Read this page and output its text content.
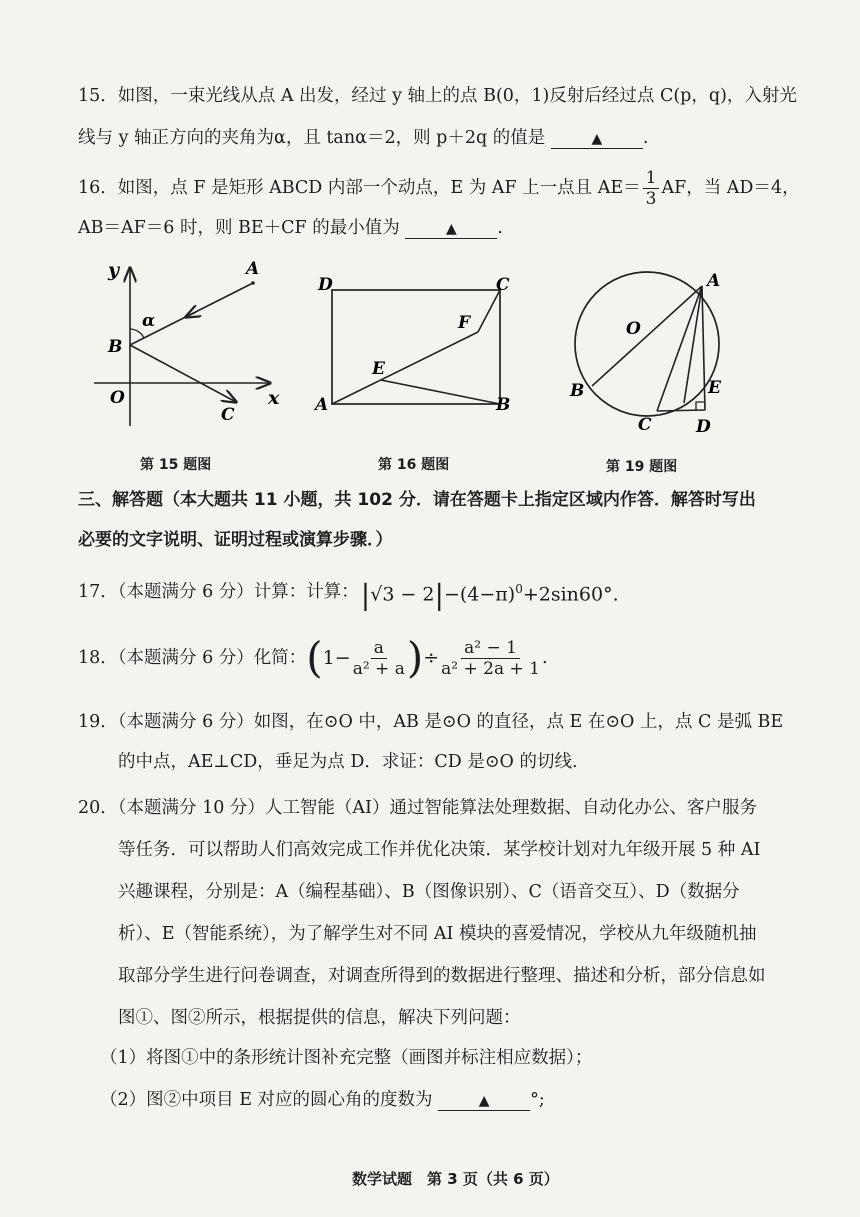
15．如图，一束光线从点 A 出发，经过 y 轴上的点 B(0，1)反射后经过点 C(p，q)，入射光
线与 y 轴正方向的夹角为α，且 tanα＝2，则 p＋2q 的值是	▲ .
16．如图，点 F 是矩形 ABCD 内部一个动点，E 为 AF 上一点且 $AE= \frac{1}{3}$ AF，当 AD＝4，
AB＝AF＝6 时，则 BE＋CF 的最小值为	▲ .
y
x
A
B
C
O
α
第 15 题图
D	C
A	B
E
F
第 16 题图
A
O
B	E
C	D
第 19 题图
三、解答题（本大题共 11 小题，共 102 分．请在答题卡上指定区域内作答．解答时写出
必要的文字说明、证明过程或演算步骤．）
17．（本题满分 6 分）计算：计算： $|√3 - 2|-(4-\pi)^0+2\sin 60^\circ$.
18．（本题满分 6 分）化简： ( $1- \frac{a}{\text{a² + a}}$ ) ÷ $\frac{\text{a² − 1}}{\text{a² + 2a + 1}}$ .
19．（本题满分 6 分）如图，在⊙O 中，AB 是⊙O 的直径，点 E 在⊙O 上，点 C 是弧 BE
的中点，AE⊥CD，垂足为点 D．求证：CD 是⊙O 的切线.
20．（本题满分 10 分）人工智能（AI）通过智能算法处理数据、自动化办公、客户服务
等任务．可以帮助人们高效完成工作并优化决策．某学校计划对九年级开展 5 种 AI
兴趣课程，分别是：A（编程基础）、B（图像识别）、C（语音交互）、D（数据分
析）、E（智能系统），为了解学生对不同 AI 模块的喜爱情况，学校从九年级随机抽
取部分学生进行问卷调查，对调查所得到的数据进行整理、描述和分析，部分信息如
图①、图②所示，根据提供的信息，解决下列问题：
（1）将图①中的条形统计图补充完整（画图并标注相应数据）；
（2）图②中项目 E 对应的圆心角的度数为	▲ °;
数学试题　第 3 页（共 6 页）
